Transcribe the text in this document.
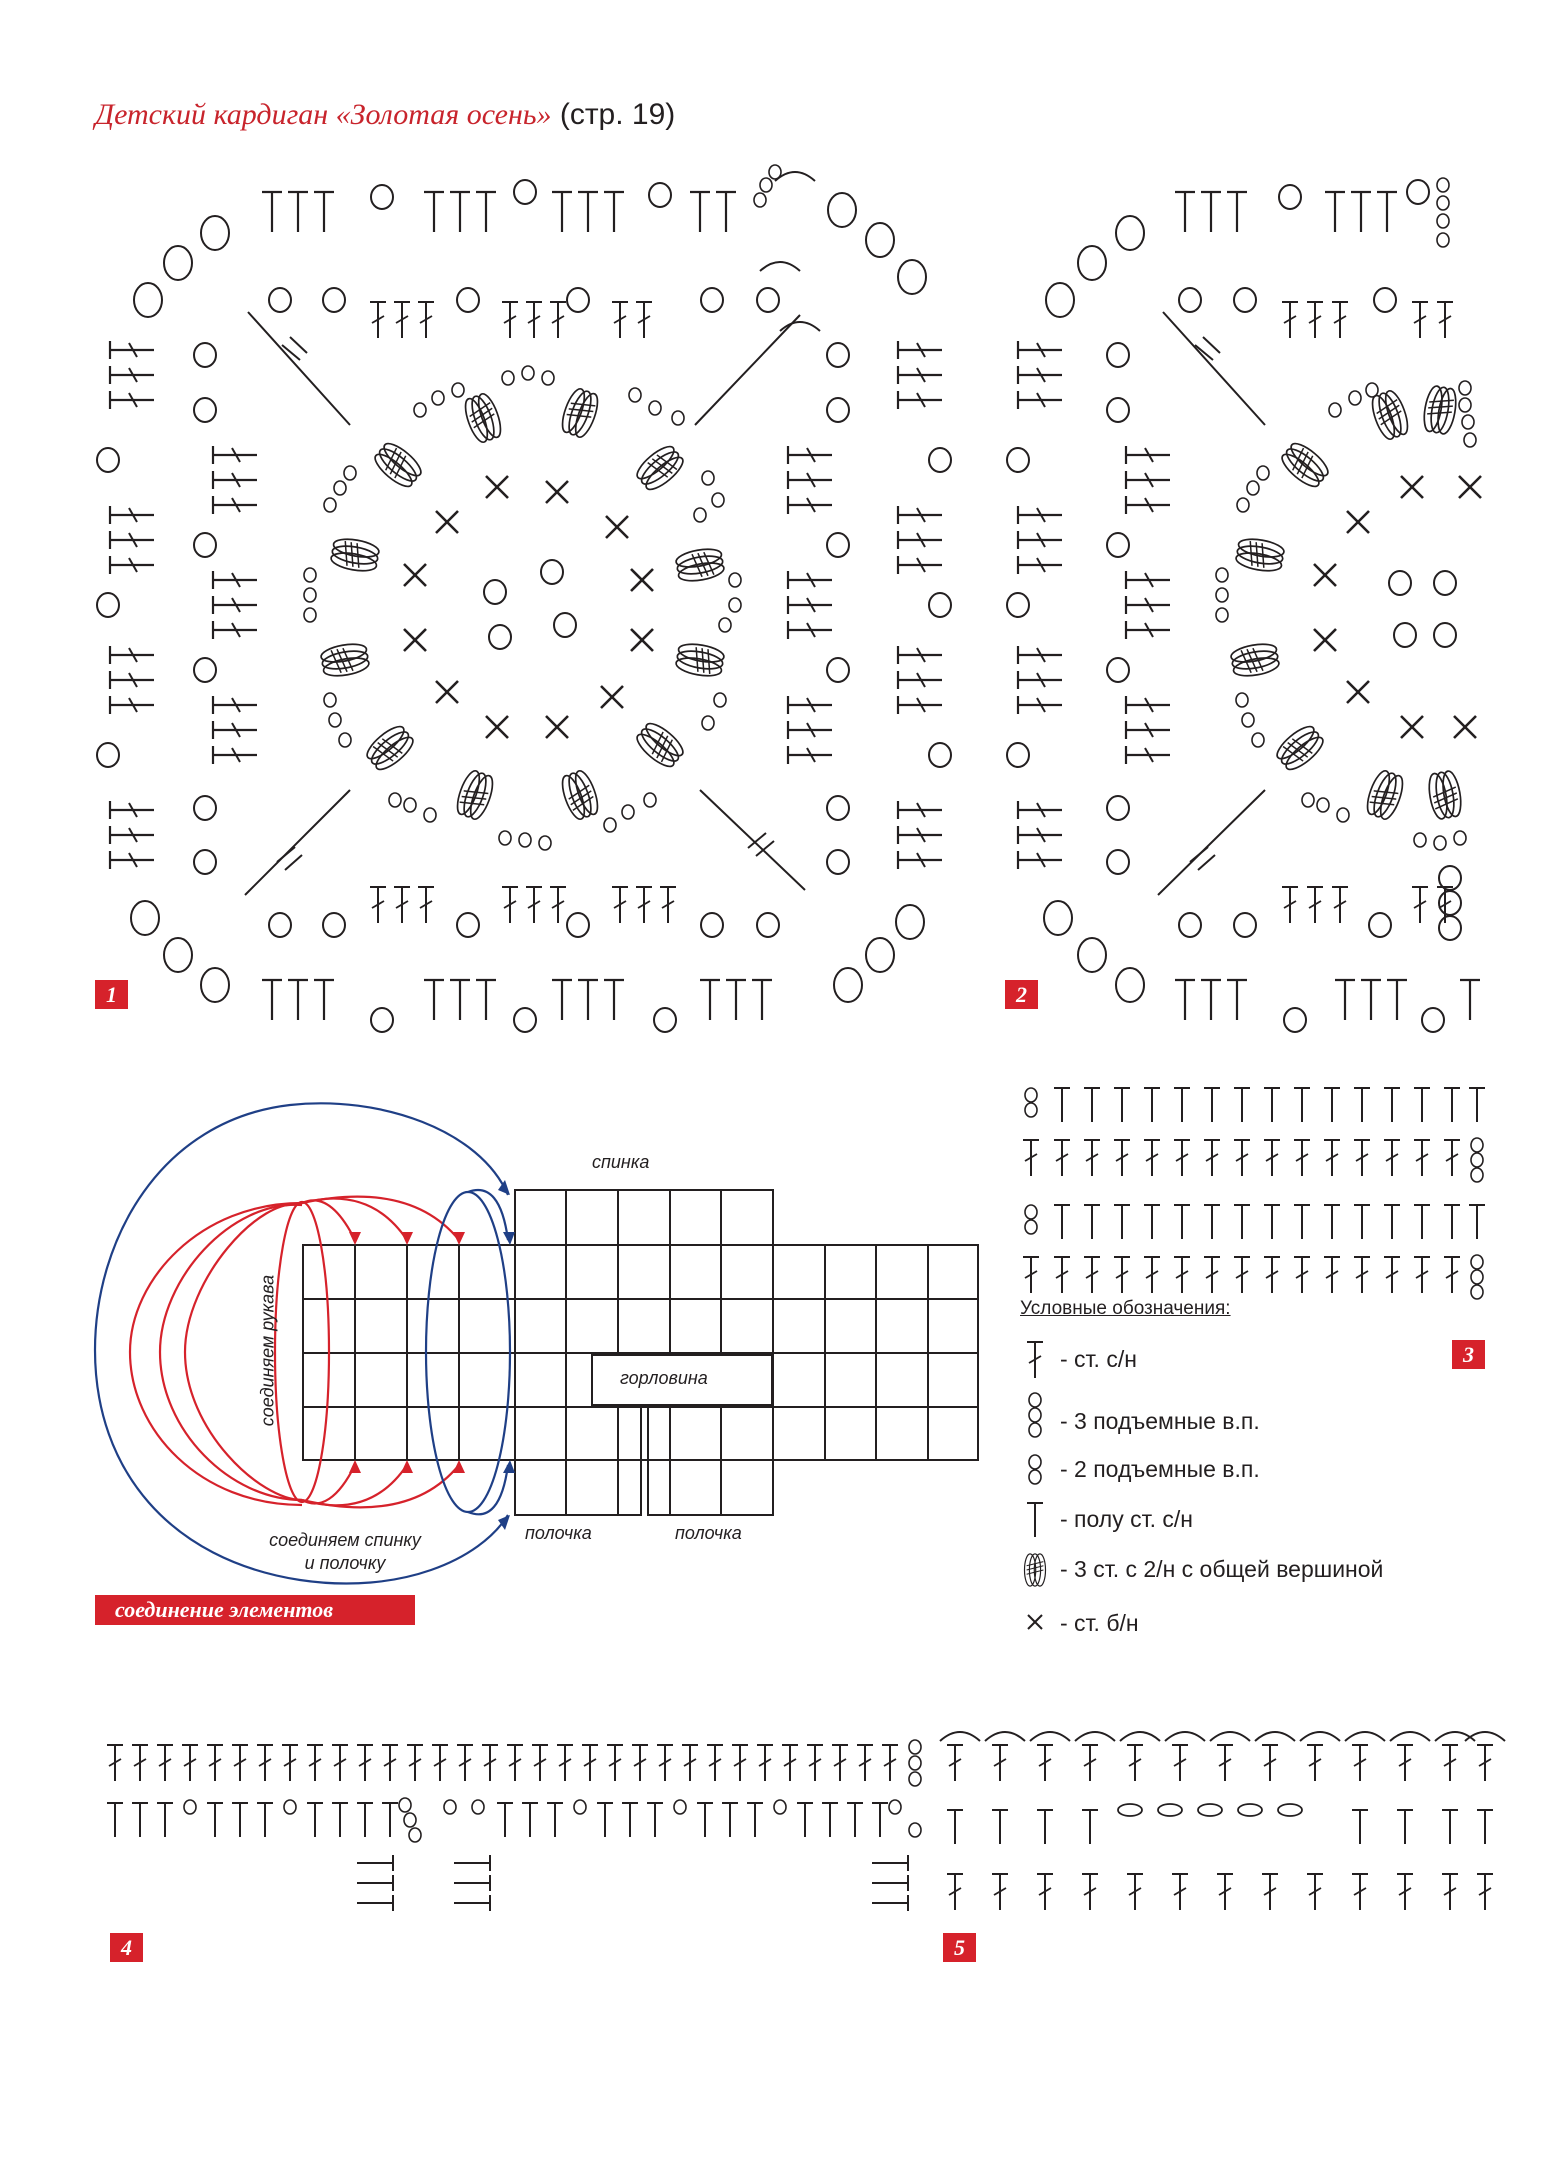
Детский кардиган «Золотая осень» (стр. 19)
1	2
3
4	5
спинка
горловина
полочка	полочка
соединяем рукава
соединяем спинку
и полочку
соединение элементов
Условные обозначения:
- ст. с/н
- 3 подъемные в.п.
- 2 подъемные в.п.
- полу ст. с/н
- 3 ст. с 2/н с общей вершиной
- ст. б/н
